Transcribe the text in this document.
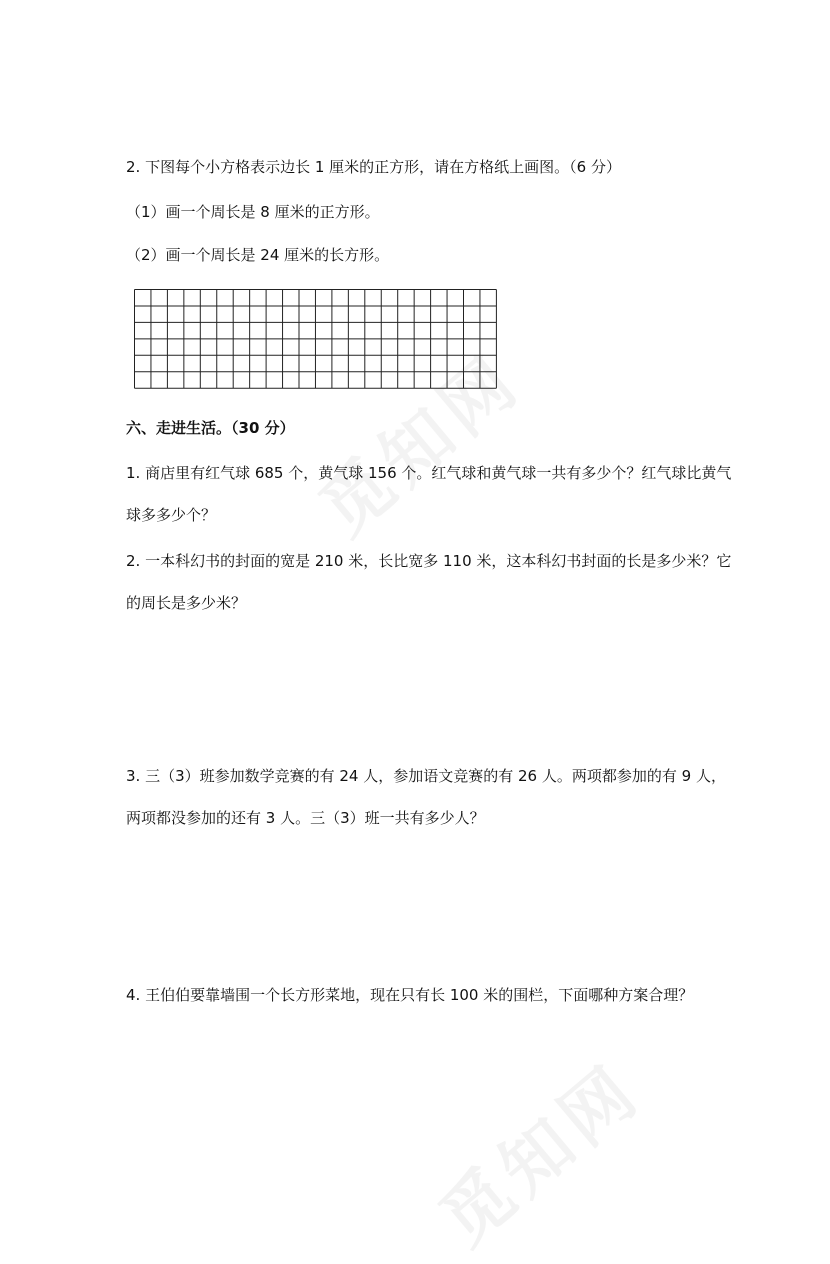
2. 下图每个小方格表示边长 1 厘米的正方形，请在方格纸上画图。（6 分）
（1）画一个周长是 8 厘米的正方形。
（2）画一个周长是 24 厘米的长方形。
六、走进生活。（30 分）
1. 商店里有红气球 685 个，黄气球 156 个。红气球和黄气球一共有多少个？红气球比黄气
球多多少个？
2. 一本科幻书的封面的宽是 210 米，长比宽多 110 米，这本科幻书封面的长是多少米？它
的周长是多少米？
3. 三（3）班参加数学竞赛的有 24 人，参加语文竞赛的有 26 人。两项都参加的有 9 人，
两项都没参加的还有 3 人。三（3）班一共有多少人？
4. 王伯伯要靠墙围一个长方形菜地，现在只有长 100 米的围栏，下面哪种方案合理？
